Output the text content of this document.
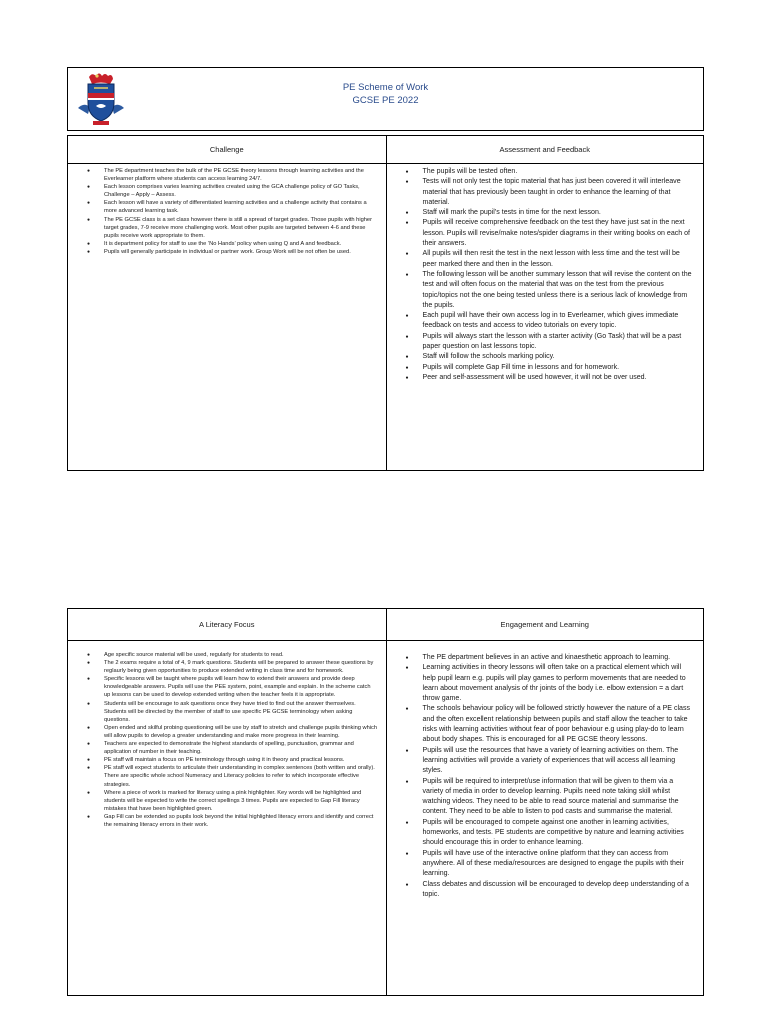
PE Scheme of Work
GCSE PE 2022
Challenge
● The PE department teaches the bulk of the PE GCSE theory lessons through learning activities and the Everlearner platform where students can access learning 24/7.
● Each lesson comprises varies learning activities created using the GCA challenge policy of GO Tasks, Challenge – Apply – Assess.
● Each lesson will have a variety of differentiated learning activities and a challenge activity that contains a more advanced learning task.
● The PE GCSE class is a set class however there is still a spread of target grades. Those pupils with higher target grades, 7-9 receive more challenging work. Most other pupils are targeted between 4-6 and these pupils receive work appropriate to them.
● It is department policy for staff to use the ‘No Hands’ policy when using Q and A and feedback.
● Pupils will generally participate in individual or partner work. Group Work will be not often be used.
Assessment and Feedback
● The pupils will be tested often.
● Tests will not only test the topic material that has just been covered it will interleave material that has previously been taught in order to enhance the learning of that material.
● Staff will mark the pupil’s tests in time for the next lesson.
● Pupils will receive comprehensive feedback on the test they have just sat in the next lesson. Pupils will revise/make notes/spider diagrams in their writing books on each of their answers.
● All pupils will then resit the test in the next lesson with less time and the test will be peer marked there and then in the lesson.
● The following lesson will be another summary lesson that will revise the content on the test and will often focus on the material that was on the test from the previous topic/topics not the one being tested unless there is a serious lack of knowledge from the pupils.
● Each pupil will have their own access log in to Everlearner, which gives immediate feedback on tests and access to video tutorials on every topic.
● Pupils will always start the lesson with a starter activity (Go Task) that will be a past paper question on last lessons topic.
● Staff will follow the schools marking policy.
● Pupils will complete Gap Fill time in lessons and for homework.
● Peer and self-assessment will be used however, it will not be over used.
A Literacy Focus
● Age specific source material will be used, regularly for students to read.
● The 2 exams require a total of 4, 9 mark questions. Students will be prepared to answer these questions by reglaurly being given opportunities to produce extended writing in class time and for homework.
● Specific lessons will be taught where pupils will learn how to extend their answers and provide deep knowledgeable answers. Pupils will use the PEE system, point, example and explain. In the scheme catch up lessons can be used to develop extended writing when the teacher feels it is appropriate.
● Students will be encourage to ask questions once they have tried to find out the answer themselves. Students will be directed by the member of staff to use specific PE GCSE terminology when asking questions.
● Open ended and skilful probing questioning will be use by staff to stretch and challenge pupils thinking which will allow pupils to develop a greater understanding and make more progress in their learning.
● Teachers are expected to demonstrate the highest standards of spelling, punctuation, grammar and application of number in their teaching.
● PE staff will maintain a focus on PE terminology through using it in theory and practical lessons.
● PE staff will expect students to articulate their understanding in complex sentences (both written and orally). There are specific whole school Numeracy and Literacy policies to refer to which incorporate effective strategies.
● Where a piece of work is marked for literacy using a pink highlighter. Key words will be highlighted and students will be expected to write the correct spellings 3 times. Pupils are expected to Gap Fill literacy mistakes that have been highlighted green.
● Gap Fill can be extended so pupils look beyond the initial highlighted literacy errors and identify and correct the remaining literacy errors in their work.
Engagement and Learning
● The PE department believes in an active and kinaesthetic approach to learning.
● Learning activities in theory lessons will often take on a practical element which will help pupil learn e.g. pupils will play games to perform movements that are needed to learn about movement analysis of thr joints of the body i.e. elbow extension = a dart throw game.
● The schools behaviour policy will be followed strictly however the nature of a PE class and the often excellent relationship between pupils and staff allow the teacher to take risks with learning activities without fear of poor behaviour e.g using play-do to learn about body shapes. This is encouraged for all PE GCSE theory lessons.
● Pupils will use the resources that have a variety of learning activities on them. The learning activities will provide a variety of experiences that will access all learning styles.
● Pupils will be required to interpret/use information that will be given to them via a variety of media in order to develop learning. Pupils need note taking skill whilst watching videos. They need to be able to read source material and summarise the content. They need to be able to listen to pod casts and summarise the material.
● Pupils will be encouraged to compete against one another in learning activities, homeworks, and tests. PE students are competitive by nature and learning activities should encourage this in order to enhance learning.
● Pupils will have use of the interactive online platform that they can access from anywhere. All of these media/resources are designed to engage the pupils with their learning.
● Class debates and discussion will be encouraged to develop deep understanding of a topic.
